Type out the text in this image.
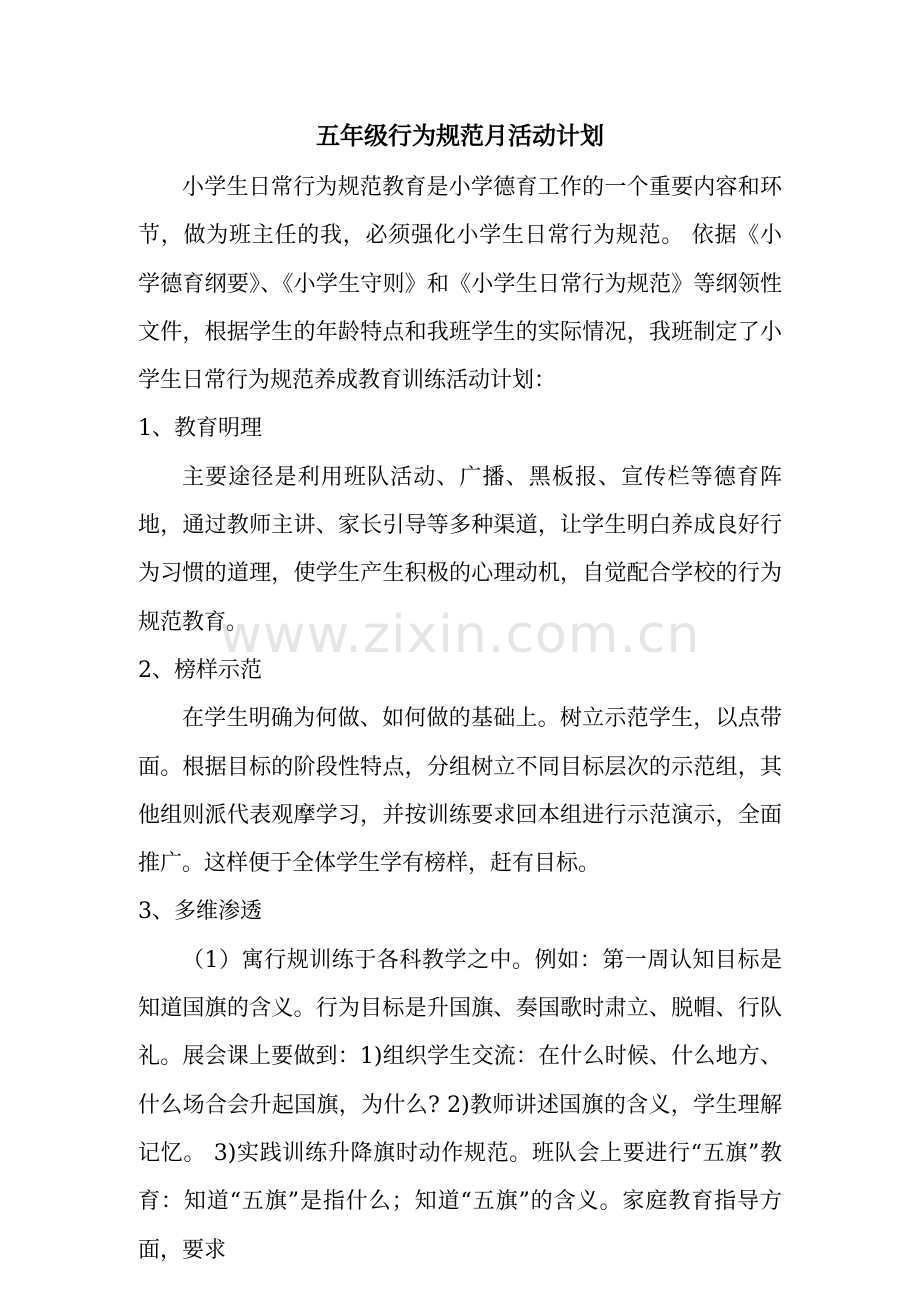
五年级行为规范月活动计划

小学生日常行为规范教育是小学德育工作的一个重要内容和环节，做为班主任的我，必须强化小学生日常行为规范。 依据《小学德育纲要》、《小学生守则》和《小学生日常行为规范》等纲领性文件，根据学生的年龄特点和我班学生的实际情况，我班制定了小学生日常行为规范养成教育训练活动计划：

1、教育明理

主要途径是利用班队活动、广播、黑板报、宣传栏等德育阵地，通过教师主讲、家长引导等多种渠道，让学生明白养成良好行为习惯的道理，使学生产生积极的心理动机，自觉配合学校的行为规范教育。

2、榜样示范

在学生明确为何做、如何做的基础上。树立示范学生，以点带面。根据目标的阶段性特点，分组树立不同目标层次的示范组，其他组则派代表观摩学习，并按训练要求回本组进行示范演示，全面推广。这样便于全体学生学有榜样，赶有目标。

3、多维渗透

（1）寓行规训练于各科教学之中。例如：第一周认知目标是知道国旗的含义。行为目标是升国旗、奏国歌时肃立、脱帽、行队礼。展会课上要做到：1)组织学生交流：在什么时候、什么地方、什么场合会升起国旗，为什么? 2)教师讲述国旗的含义，学生理解记忆。 3)实践训练升降旗时动作规范。班队会上要进行“五旗”教育：知道“五旗”是指什么；知道“五旗”的含义。家庭教育指导方面，要求

www.zixin.com.cn
